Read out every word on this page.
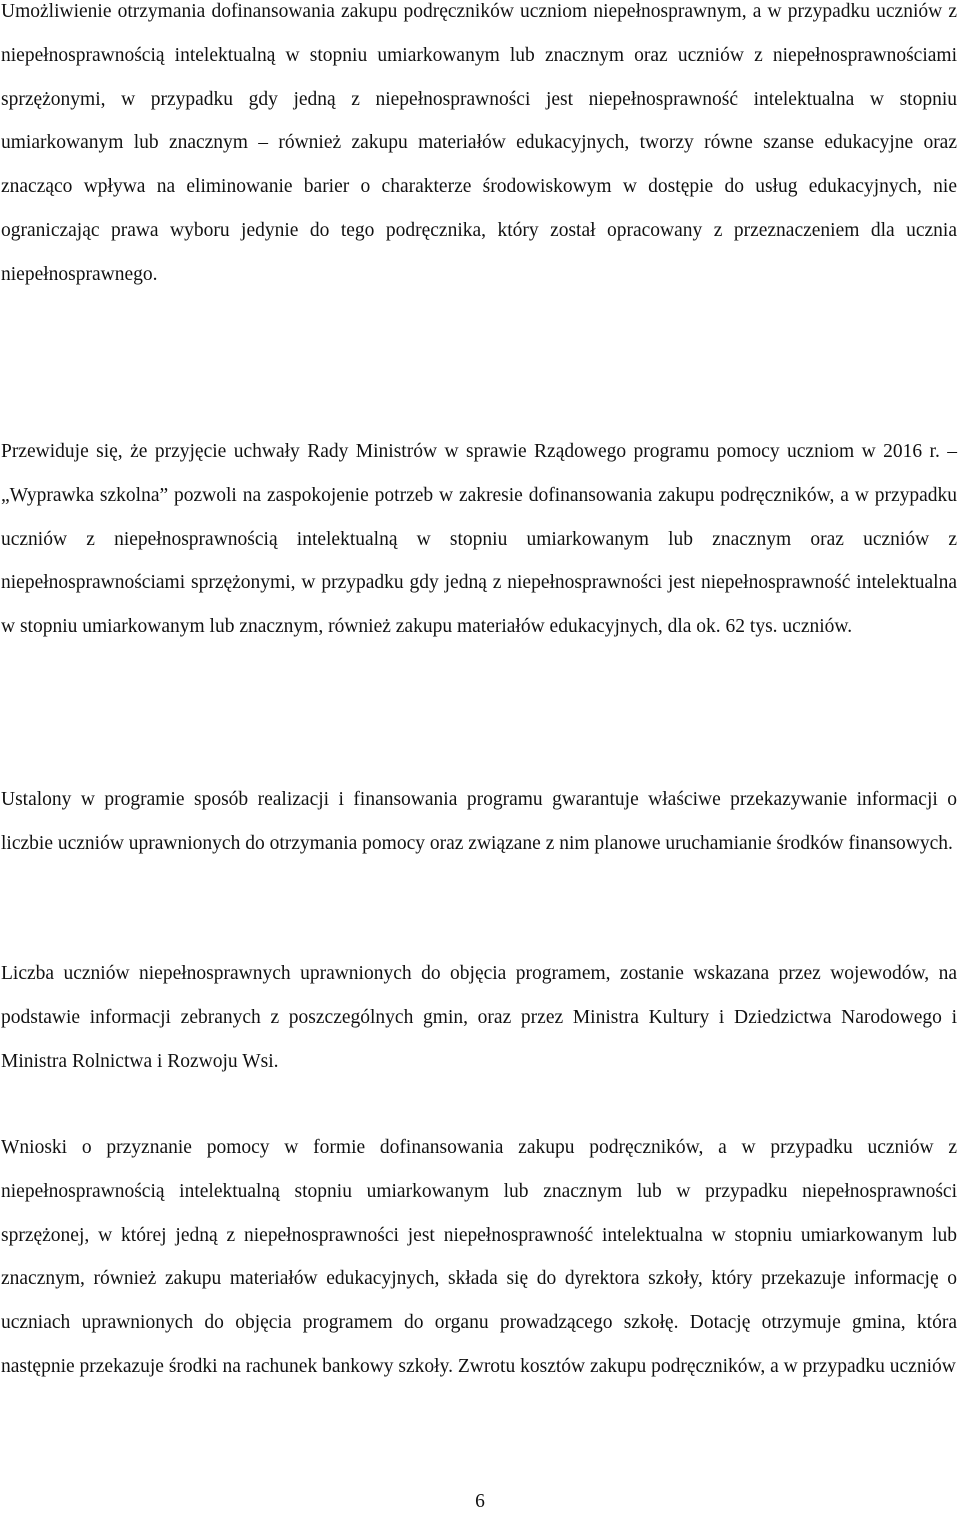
Umożliwienie otrzymania dofinansowania zakupu podręczników uczniom niepełnosprawnym, a w przypadku uczniów z niepełnosprawnością intelektualną w stopniu umiarkowanym lub znacznym oraz uczniów z niepełnosprawnościami sprzężonymi, w przypadku gdy jedną z niepełnosprawności jest niepełnosprawność intelektualna w stopniu umiarkowanym lub znacznym – również zakupu materiałów edukacyjnych, tworzy równe szanse edukacyjne oraz znacząco wpływa na eliminowanie barier o charakterze środowiskowym w dostępie do usług edukacyjnych, nie ograniczając prawa wyboru jedynie do tego podręcznika, który został opracowany z przeznaczeniem dla ucznia niepełnosprawnego.

Przewiduje się, że przyjęcie uchwały Rady Ministrów w sprawie Rządowego programu pomocy uczniom w 2016 r. – „Wyprawka szkolna” pozwoli na zaspokojenie potrzeb w zakresie dofinansowania zakupu podręczników, a w przypadku uczniów z niepełnosprawnością intelektualną w stopniu umiarkowanym lub znacznym oraz uczniów z niepełnosprawnościami sprzężonymi, w przypadku gdy jedną z niepełnosprawności jest niepełnosprawność intelektualna w stopniu umiarkowanym lub znacznym, również zakupu materiałów edukacyjnych, dla ok. 62 tys. uczniów.

Ustalony w programie sposób realizacji i finansowania programu gwarantuje właściwe przekazywanie informacji o liczbie uczniów uprawnionych do otrzymania pomocy oraz związane z nim planowe uruchamianie środków finansowych.

Liczba uczniów niepełnosprawnych uprawnionych do objęcia programem, zostanie wskazana przez wojewodów, na podstawie informacji zebranych z poszczególnych gmin, oraz przez Ministra Kultury i Dziedzictwa Narodowego i Ministra Rolnictwa i Rozwoju Wsi.

Wnioski o przyznanie pomocy w formie dofinansowania zakupu podręczników, a w przypadku uczniów z niepełnosprawnością intelektualną stopniu umiarkowanym lub znacznym lub w przypadku niepełnosprawności sprzężonej, w której jedną z niepełnosprawności jest niepełnosprawność intelektualna w stopniu umiarkowanym lub znacznym, również zakupu materiałów edukacyjnych, składa się do dyrektora szkoły, który przekazuje informację o uczniach uprawnionych do objęcia programem do organu prowadzącego szkołę. Dotację otrzymuje gmina, która następnie przekazuje środki na rachunek bankowy szkoły. Zwrotu kosztów zakupu podręczników, a w przypadku uczniów

6
